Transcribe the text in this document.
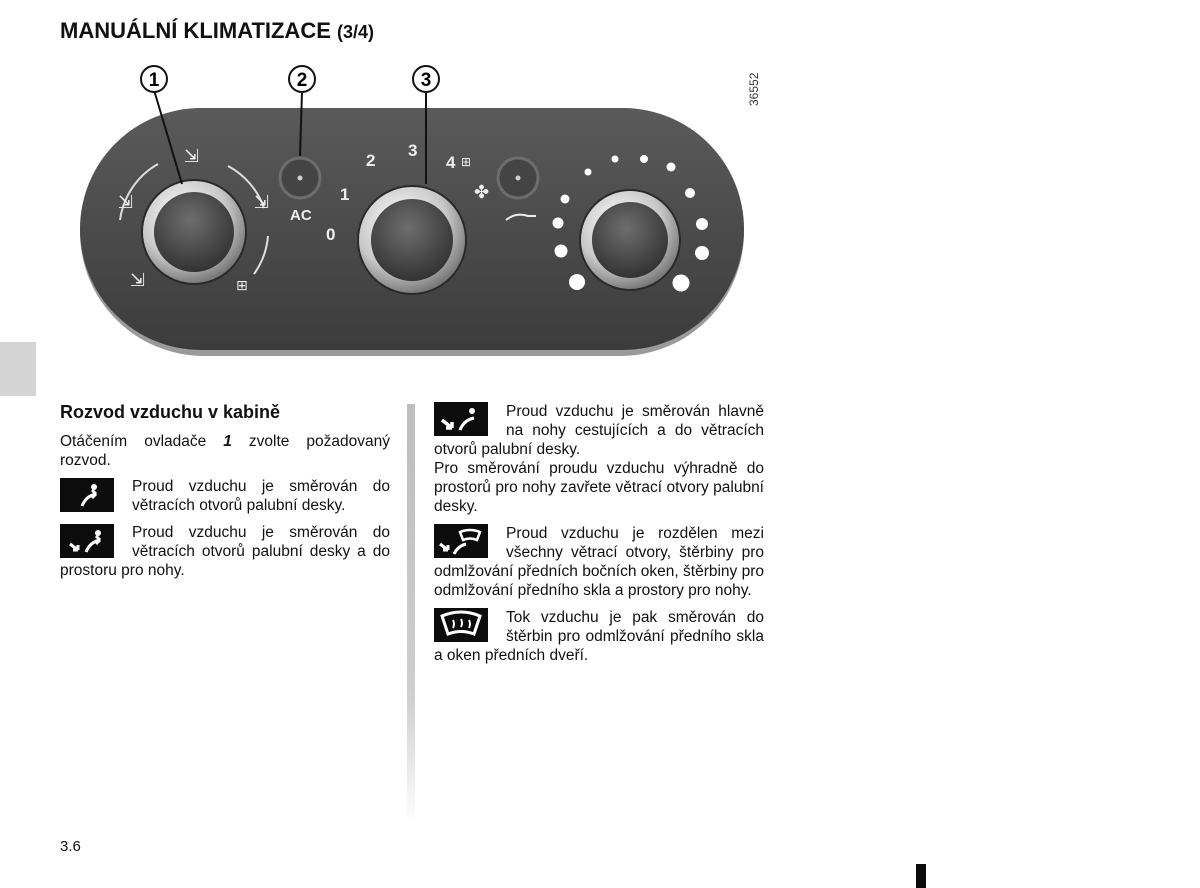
MANUÁLNÍ KLIMATIZACE (3/4)
⇲
⇲
⇲
⇲	⊞
AC
0
1
2
3
4 ⊞
✤
1	2	3	36552
Rozvod vzduchu v kabině

Otáčením ovladače 1 zvolte požadovaný rozvod.

Proud vzduchu je směrován do větracích otvorů palubní desky.

Proud vzduchu je směrován do větracích otvorů palubní desky a do prostoru pro nohy.

Proud vzduchu je směrován hlavně na nohy cestujících a do větracích otvorů palubní desky.

Pro směrování proudu vzduchu výhradně do prostorů pro nohy zavřete větrací otvory palubní desky.

Proud vzduchu je rozdělen mezi všechny větrací otvory, štěrbiny pro odmlžování předních bočních oken, štěrbiny pro odmlžování předního skla a prostory pro nohy.

Tok vzduchu je pak směrován do štěrbin pro odmlžování předního skla a oken předních dveří.

3.6
